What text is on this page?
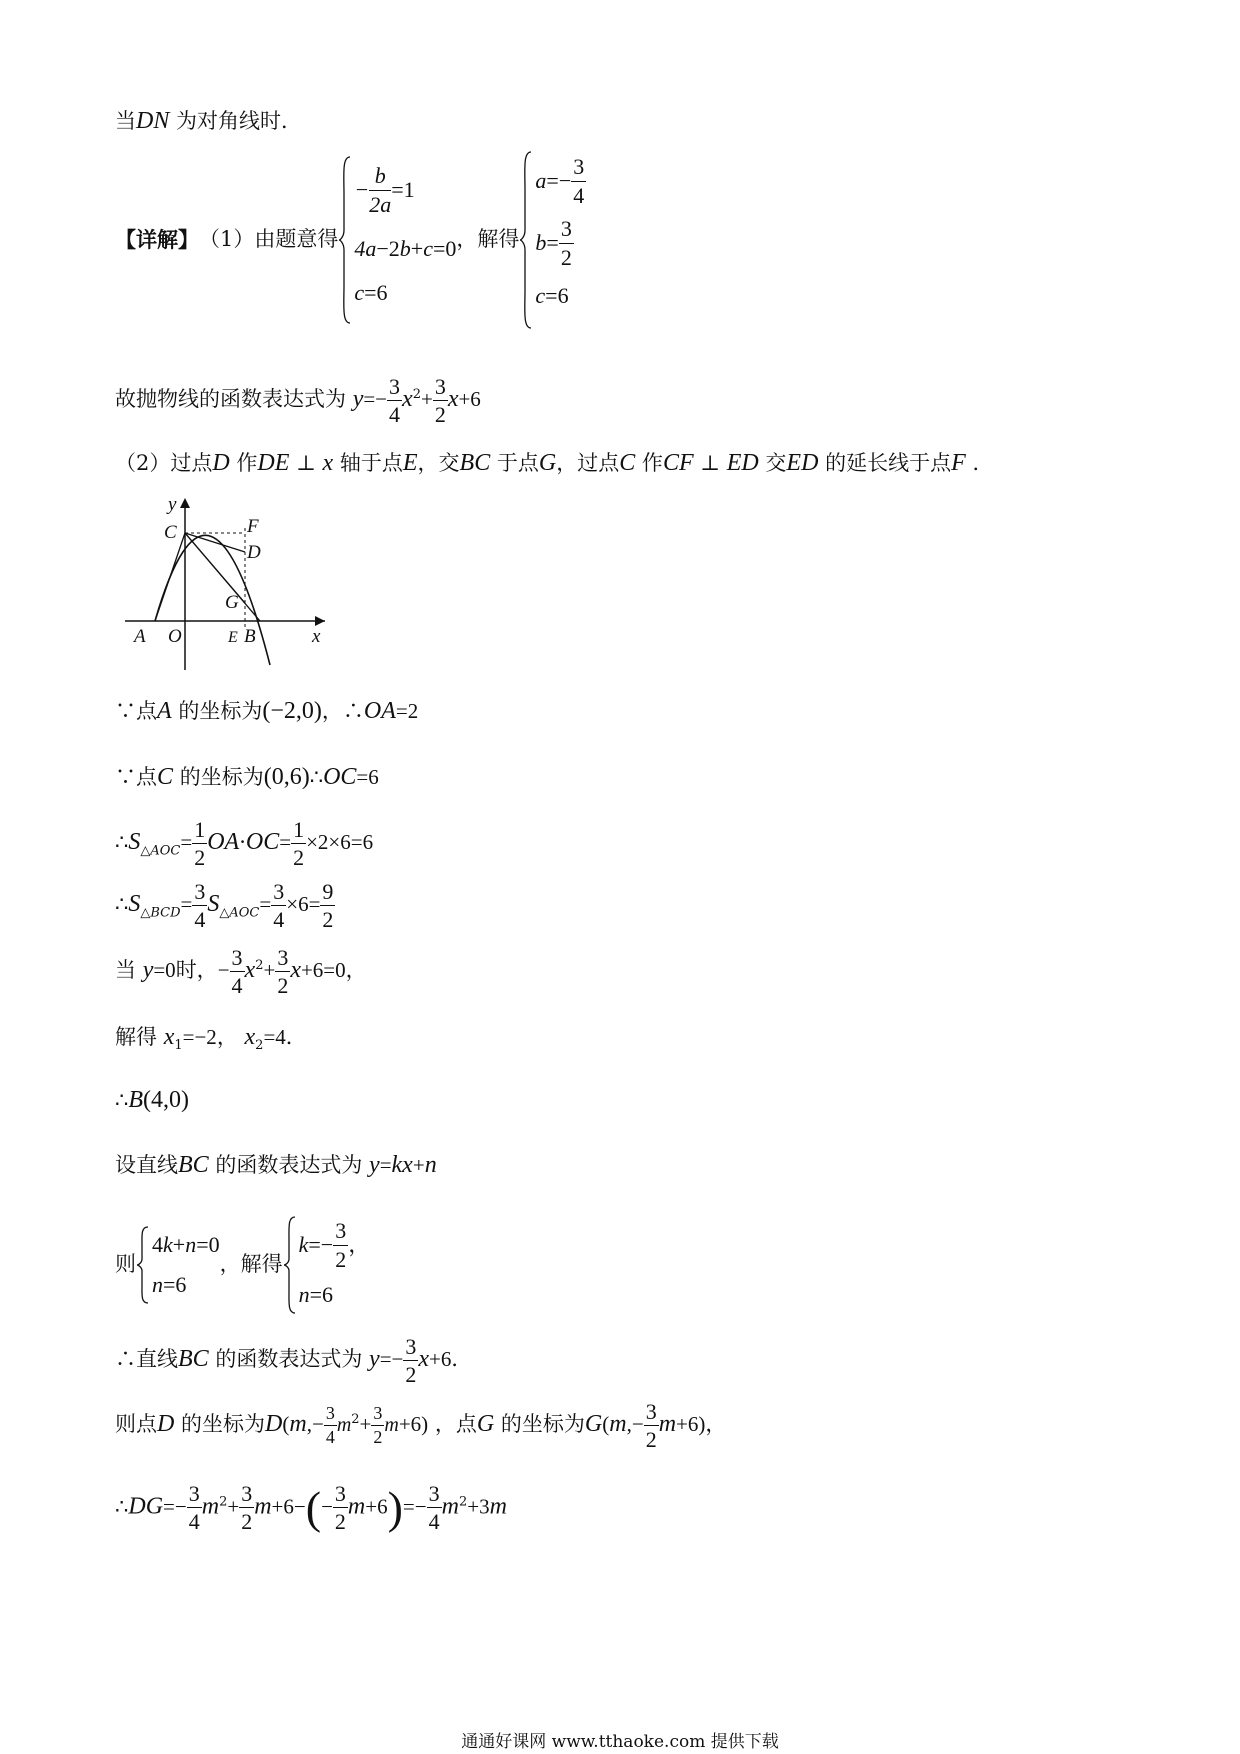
当DN 为对角线时．
【详解】 （1）由题意得
− $\frac{b}{2a} =1$
4a −2 b + c =0
c =6
，解得
$a =- \frac{3}{4}$
$b = \frac{3}{2}$
c =6
故抛物线的函数表达式为 $y=- \frac{3}{4} x^2+ \frac{3}{2} x+6$
（2）过点D 作DE ⊥ x 轴于点E，交BC 于点G，过点C 作CF ⊥ ED 交ED 的延长线于点F ．
y
C	F
D
G
A O	E B	x
∵点A 的坐标为(−2,0)，∴OA=2
∵点C 的坐标为(0,6)∴OC=6
$\therefore S_{\triangle AOC}= \frac{1}{2} OA\cdot OC= \frac{1}{2} \times 2\times 6=6$
$\therefore S_{\triangle BCD}= \frac{3}{4} S_{\triangle AOC}= \frac{3}{4} \times 6= \frac{9}{2}$
当 y=0时，− $\frac{3}{4} x^2+ \frac{3}{2} x+6=0$，
解得 $x_1=-2$， $x_2=4$．
∴B(4,0)
设直线BC 的函数表达式为 y=kx+n
则
4 k + n =0
n =6
，解得
$k =- \frac{3}{2}$ ，
n =6
∴直线BC 的函数表达式为 $y=- \frac{3}{2} x+6$．
则点D 的坐标为$D(m,- \frac{3}{4} m^2+ \frac{3}{2} m+6)$ ，点G 的坐标为$G(m,- \frac{3}{2} m+6)$，
∴DG=− $\frac{3}{4} m^2+ \frac{3}{2} m+6-(- \frac{3}{2} m+6)=- \frac{3}{4} m^2+3m$
通通好课网 www.tthaoke.com 提供下载
